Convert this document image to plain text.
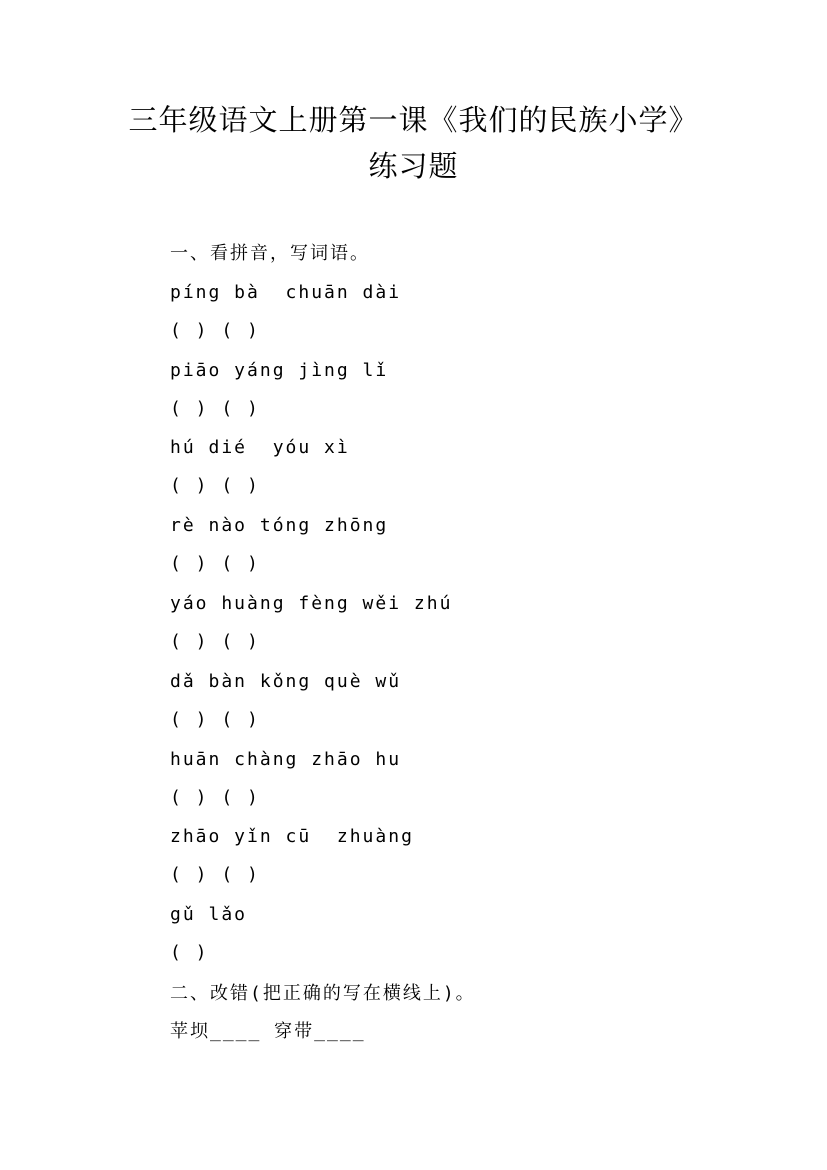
三年级语文上册第一课《我们的民族小学》
练习题
一、看拼音，写词语。
píng bà  chuān dài
( ) ( )
piāo yáng jìng lǐ
( ) ( )
hú dié  yóu xì
( ) ( )
rè nào tóng zhōng
( ) ( )
yáo huàng fèng wěi zhú
( ) ( )
dǎ bàn kǒng què wǔ
( ) ( )
huān chàng zhāo hu
( ) ( )
zhāo yǐn cū  zhuàng
( ) ( )
gǔ lǎo
( )
二、改错(把正确的写在横线上)。
苹坝____ 穿带____
